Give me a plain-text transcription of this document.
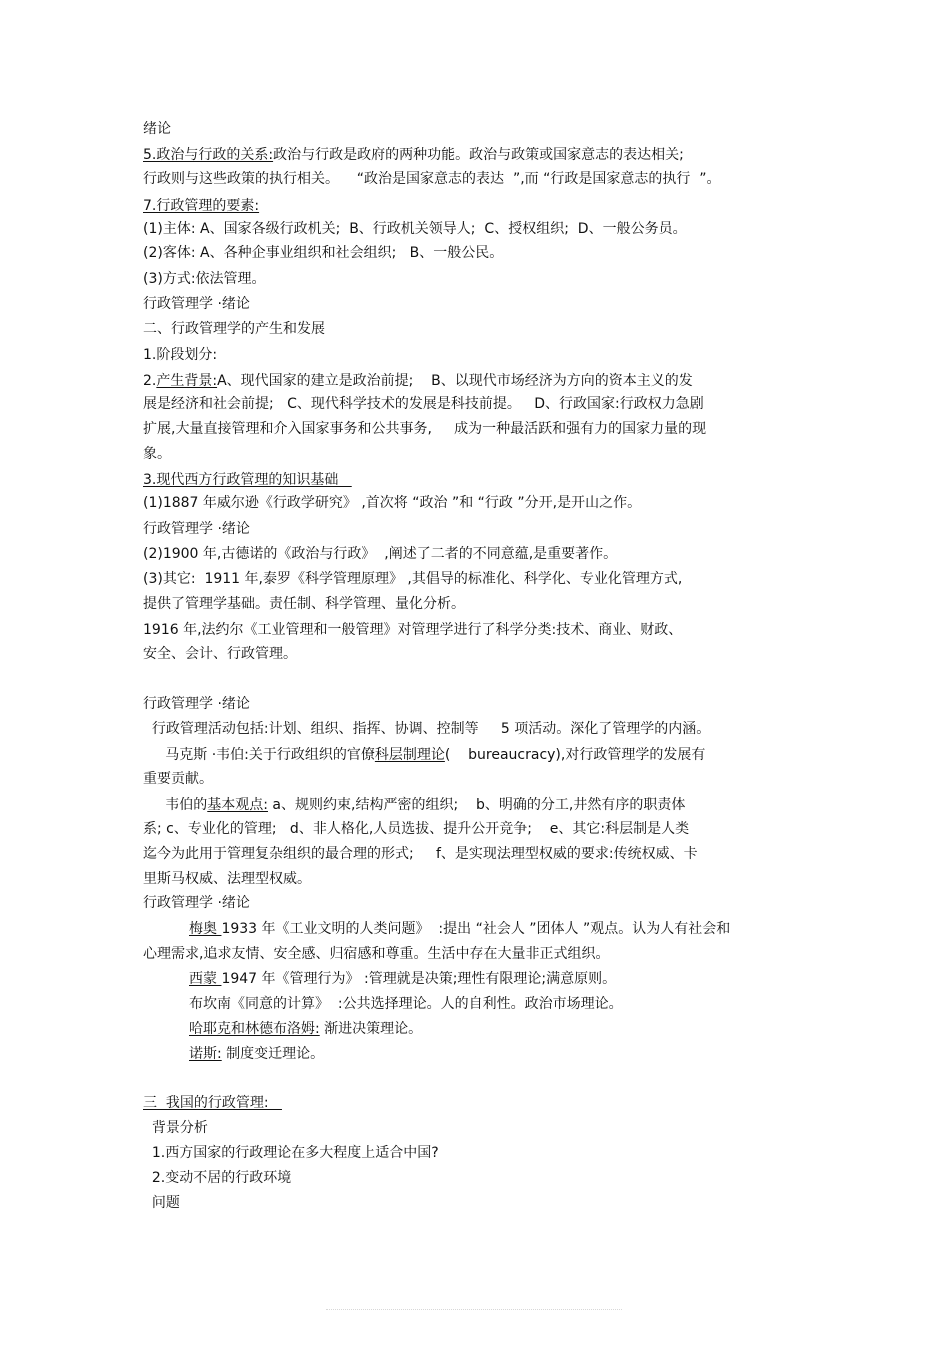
绪论
5.政治与行政的关系:政治与行政是政府的两种功能。政治与政策或国家意志的表达相关;
行政则与这些政策的执行相关。    “政治是国家意志的表达  ”,而 “行政是国家意志的执行  ”。
7.行政管理的要素:
(1)主体: A、国家各级行政机关;  B、行政机关领导人;  C、授权组织;  D、一般公务员。
(2)客体: A、各种企事业组织和社会组织;   B、一般公民。
(3)方式:依法管理。
行政管理学 ·绪论
二、行政管理学的产生和发展
1.阶段划分:
2.产生背景:A、现代国家的建立是政治前提;    B、以现代市场经济为方向的资本主义的发
展是经济和社会前提;   C、现代科学技术的发展是科技前提。   D、行政国家:行政权力急剧
扩展,大量直接管理和介入国家事务和公共事务,     成为一种最活跃和强有力的国家力量的现
象。
3.现代西方行政管理的知识基础
(1)1887 年威尔逊《行政学研究》 ,首次将 “政治 ”和 “行政 ”分开,是开山之作。
行政管理学 ·绪论
(2)1900 年,古德诺的《政治与行政》  ,阐述了二者的不同意蕴,是重要著作。
(3)其它:  1911 年,泰罗《科学管理原理》 ,其倡导的标准化、科学化、专业化管理方式,
提供了管理学基础。责任制、科学管理、量化分析。
1916 年,法约尔《工业管理和一般管理》对管理学进行了科学分类:技术、商业、财政、
安全、会计、行政管理。
行政管理学 ·绪论
行政管理活动包括:计划、组织、指挥、协调、控制等     5 项活动。深化了管理学的内涵。
马克斯 ·韦伯:关于行政组织的官僚科层制理论(    bureaucracy),对行政管理学的发展有
重要贡献。
韦伯的基本观点: a、规则约束,结构严密的组织;    b、明确的分工,井然有序的职责体
系; c、专业化的管理;   d、非人格化,人员选拔、提升公开竞争;    e、其它:科层制是人类
迄今为此用于管理复杂组织的最合理的形式;     f、是实现法理型权威的要求:传统权威、卡
里斯马权威、法理型权威。
行政管理学 ·绪论
梅奥 1933 年《工业文明的人类问题》  :提出 “社会人 ”团体人 ”观点。认为人有社会和
心理需求,追求友情、安全感、归宿感和尊重。生活中存在大量非正式组织。
西蒙 1947 年《管理行为》 :管理就是决策;理性有限理论;满意原则。
布坎南《同意的计算》  :公共选择理论。人的自利性。政治市场理论。
哈耶克和林德布洛姆: 渐进决策理论。
诺斯: 制度变迁理论。
三  我国的行政管理:
背景分析
1.西方国家的行政理论在多大程度上适合中国?
2.变动不居的行政环境
问题
